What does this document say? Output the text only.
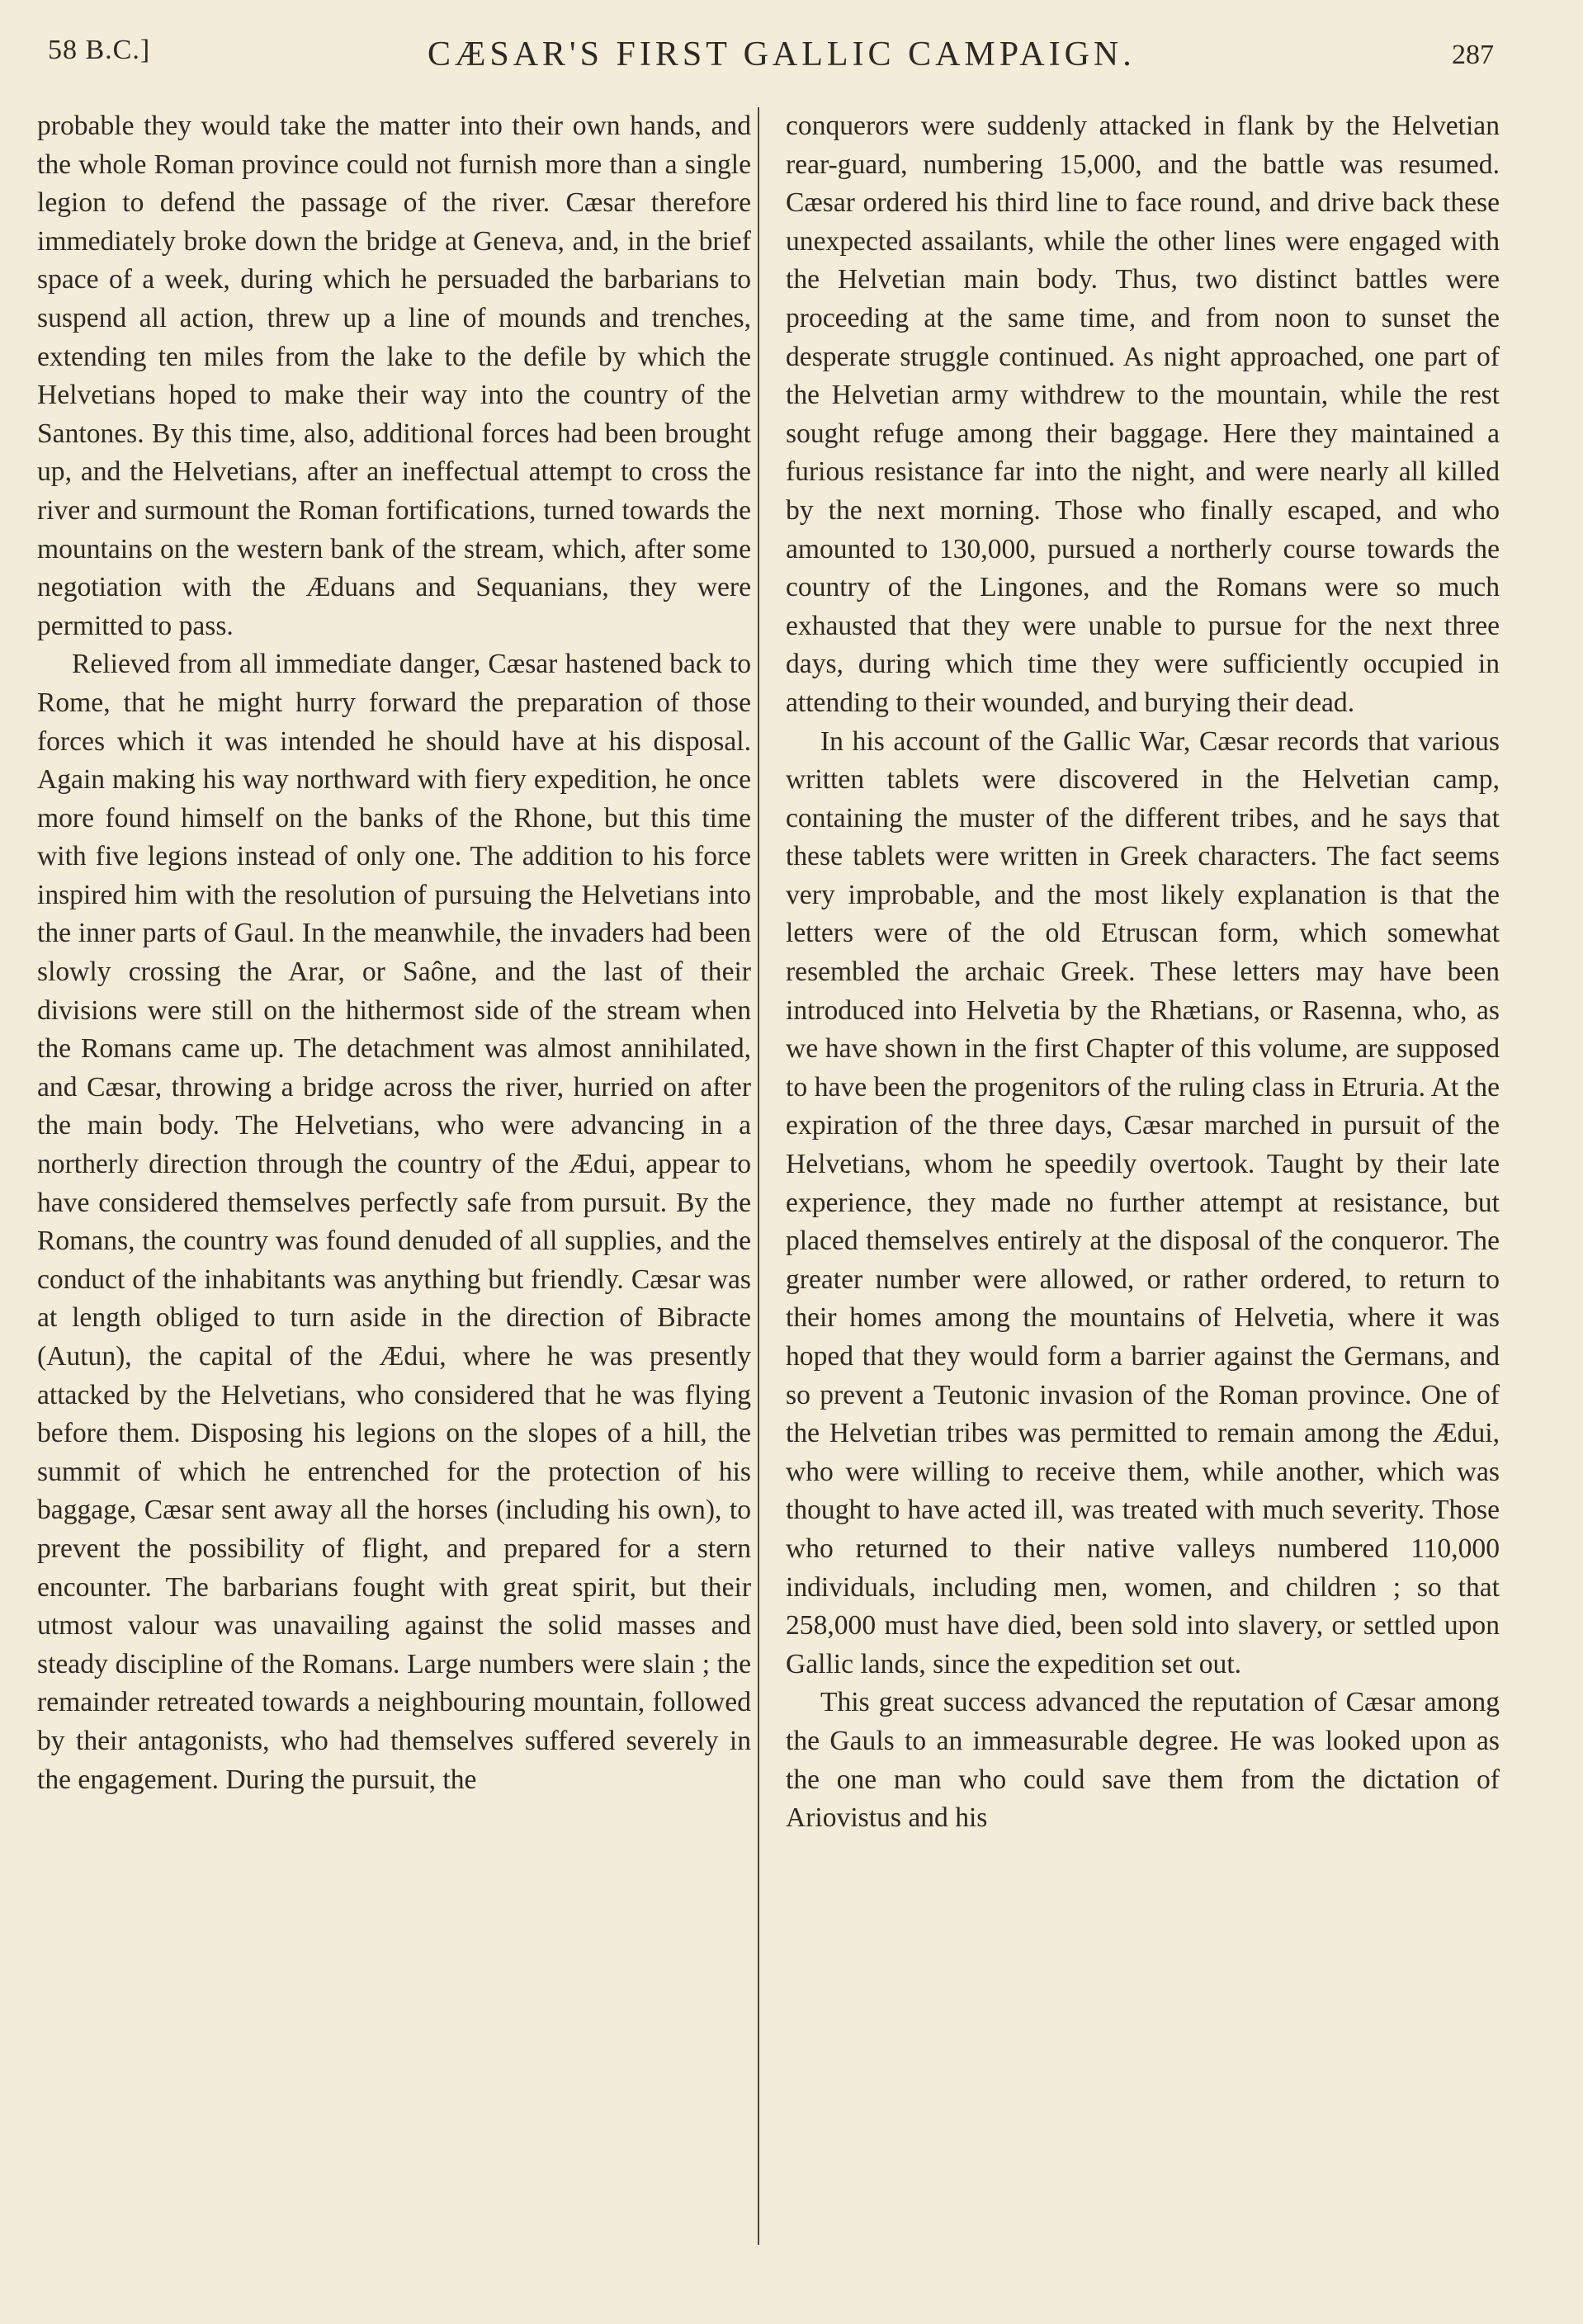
58 B.C.]	CÆSAR'S FIRST GALLIC CAMPAIGN.	287

probable they would take the matter into their own hands, and the whole Roman province could not furnish more than a single legion to defend the passage of the river. Cæsar therefore immediately broke down the bridge at Geneva, and, in the brief space of a week, during which he persuaded the barbarians to suspend all action, threw up a line of mounds and trenches, extending ten miles from the lake to the defile by which the Helvetians hoped to make their way into the country of the Santones. By this time, also, additional forces had been brought up, and the Helvetians, after an ineffectual attempt to cross the river and surmount the Roman fortifications, turned towards the mountains on the western bank of the stream, which, after some negotiation with the Æduans and Sequanians, they were permitted to pass.

Relieved from all immediate danger, Cæsar hastened back to Rome, that he might hurry forward the preparation of those forces which it was intended he should have at his disposal. Again making his way northward with fiery expedition, he once more found himself on the banks of the Rhone, but this time with five legions instead of only one. The addition to his force inspired him with the resolution of pursuing the Helvetians into the inner parts of Gaul. In the meanwhile, the invaders had been slowly crossing the Arar, or Saône, and the last of their divisions were still on the hithermost side of the stream when the Romans came up. The detachment was almost annihilated, and Cæsar, throwing a bridge across the river, hurried on after the main body. The Helvetians, who were advancing in a northerly direction through the country of the Ædui, appear to have considered themselves perfectly safe from pursuit. By the Romans, the country was found denuded of all supplies, and the conduct of the inhabitants was anything but friendly. Cæsar was at length obliged to turn aside in the direction of Bibracte (Autun), the capital of the Ædui, where he was presently attacked by the Helvetians, who considered that he was flying before them. Disposing his legions on the slopes of a hill, the summit of which he entrenched for the protection of his baggage, Cæsar sent away all the horses (including his own), to prevent the possibility of flight, and prepared for a stern encounter. The barbarians fought with great spirit, but their utmost valour was unavailing against the solid masses and steady discipline of the Romans. Large numbers were slain ; the remainder retreated towards a neighbouring mountain, followed by their antagonists, who had themselves suffered severely in the engagement. During the pursuit, the

conquerors were suddenly attacked in flank by the Helvetian rear-guard, numbering 15,000, and the battle was resumed. Cæsar ordered his third line to face round, and drive back these unexpected assailants, while the other lines were engaged with the Helvetian main body. Thus, two distinct battles were proceeding at the same time, and from noon to sunset the desperate struggle continued. As night approached, one part of the Helvetian army withdrew to the mountain, while the rest sought refuge among their baggage. Here they maintained a furious resistance far into the night, and were nearly all killed by the next morning. Those who finally escaped, and who amounted to 130,000, pursued a northerly course towards the country of the Lingones, and the Romans were so much exhausted that they were unable to pursue for the next three days, during which time they were sufficiently occupied in attending to their wounded, and burying their dead.

In his account of the Gallic War, Cæsar records that various written tablets were discovered in the Helvetian camp, containing the muster of the different tribes, and he says that these tablets were written in Greek characters. The fact seems very improbable, and the most likely explanation is that the letters were of the old Etruscan form, which somewhat resembled the archaic Greek. These letters may have been introduced into Helvetia by the Rhætians, or Rasenna, who, as we have shown in the first Chapter of this volume, are supposed to have been the progenitors of the ruling class in Etruria. At the expiration of the three days, Cæsar marched in pursuit of the Helvetians, whom he speedily overtook. Taught by their late experience, they made no further attempt at resistance, but placed themselves entirely at the disposal of the conqueror. The greater number were allowed, or rather ordered, to return to their homes among the mountains of Helvetia, where it was hoped that they would form a barrier against the Germans, and so prevent a Teutonic invasion of the Roman province. One of the Helvetian tribes was permitted to remain among the Ædui, who were willing to receive them, while another, which was thought to have acted ill, was treated with much severity. Those who returned to their native valleys numbered 110,000 individuals, including men, women, and children ; so that 258,000 must have died, been sold into slavery, or settled upon Gallic lands, since the expedition set out.

This great success advanced the reputation of Cæsar among the Gauls to an immeasurable degree. He was looked upon as the one man who could save them from the dictation of Ariovistus and his
